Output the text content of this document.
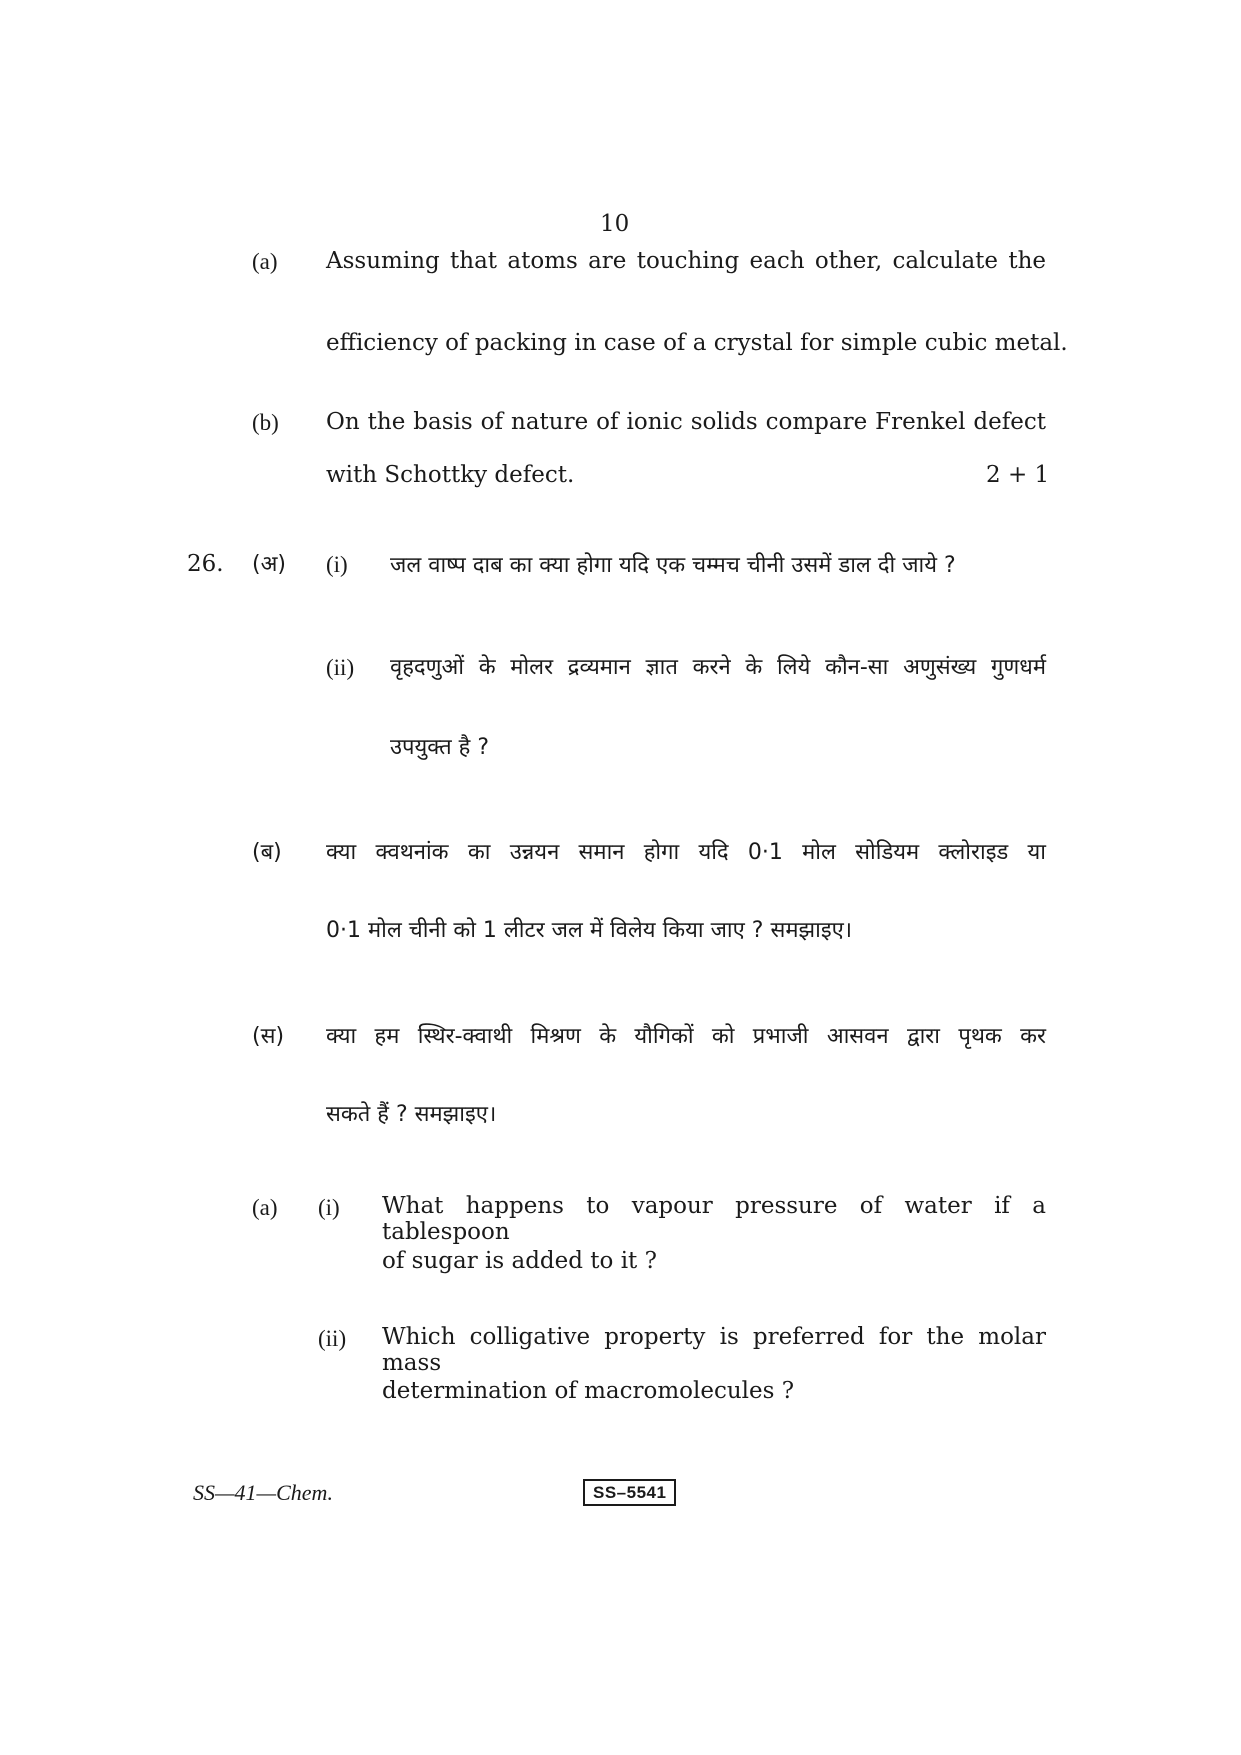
10
(a) Assuming that atoms are touching each other, calculate the
efficiency of packing in case of a crystal for simple cubic metal.
(b) On the basis of nature of ionic solids compare Frenkel defect
with Schottky defect.	2 + 1
26. (अ) (i) जल वाष्प दाब का क्या होगा यदि एक चम्मच चीनी उसमें डाल दी जाये ?
(ii) वृहदणुओं के मोलर द्रव्यमान ज्ञात करने के लिये कौन-सा अणुसंख्य गुणधर्म
उपयुक्त है ?
(ब) क्या क्वथनांक का उन्नयन समान होगा यदि 0·1 मोल सोडियम क्लोराइड या
0·1 मोल चीनी को 1 लीटर जल में विलेय किया जाए ? समझाइए।
(स) क्या हम स्थिर-क्वाथी मिश्रण के यौगिकों को प्रभाजी आसवन द्वारा पृथक कर
सकते हैं ? समझाइए।
(a) (i) What happens to vapour pressure of water if a tablespoon
of sugar is added to it ?
(ii) Which colligative property is preferred for the molar mass
determination of macromolecules ?
SS—41—Chem.	SS–5541
